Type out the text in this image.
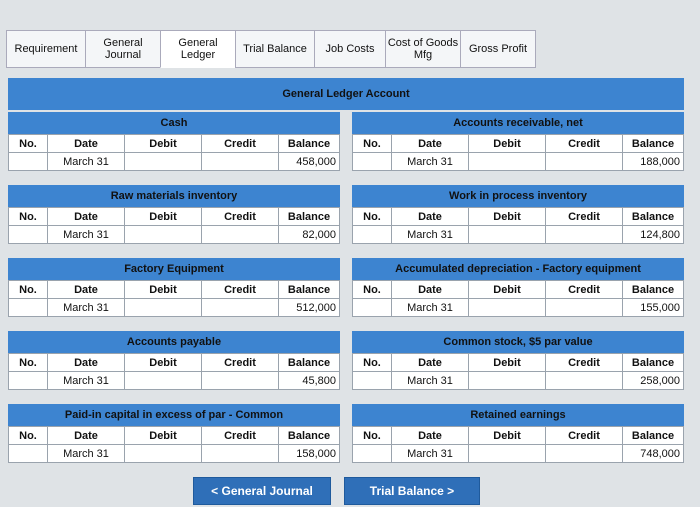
Requirement	General Journal
General Ledger	Trial Balance	Job Costs	Cost of Goods Mfg	Gross Profit
General Ledger Account
Cash
No.	Date	Debit	Credit	Balance
	March 31			458,000
Accounts receivable, net
No.	Date	Debit	Credit	Balance
	March 31			188,000
Raw materials inventory
No.	Date	Debit	Credit	Balance
	March 31			82,000
Work in process inventory
No.	Date	Debit	Credit	Balance
	March 31			124,800
Factory Equipment
No.	Date	Debit	Credit	Balance
	March 31			512,000
Accumulated depreciation - Factory equipment
No.	Date	Debit	Credit	Balance
	March 31			155,000
Accounts payable
No.	Date	Debit	Credit	Balance
	March 31			45,800
Common stock, $5 par value
No.	Date	Debit	Credit	Balance
	March 31			258,000
Paid-in capital in excess of par - Common
No.	Date	Debit	Credit	Balance
	March 31			158,000
Retained earnings
No.	Date	Debit	Credit	Balance
	March 31			748,000
< General Journal	Trial Balance >
